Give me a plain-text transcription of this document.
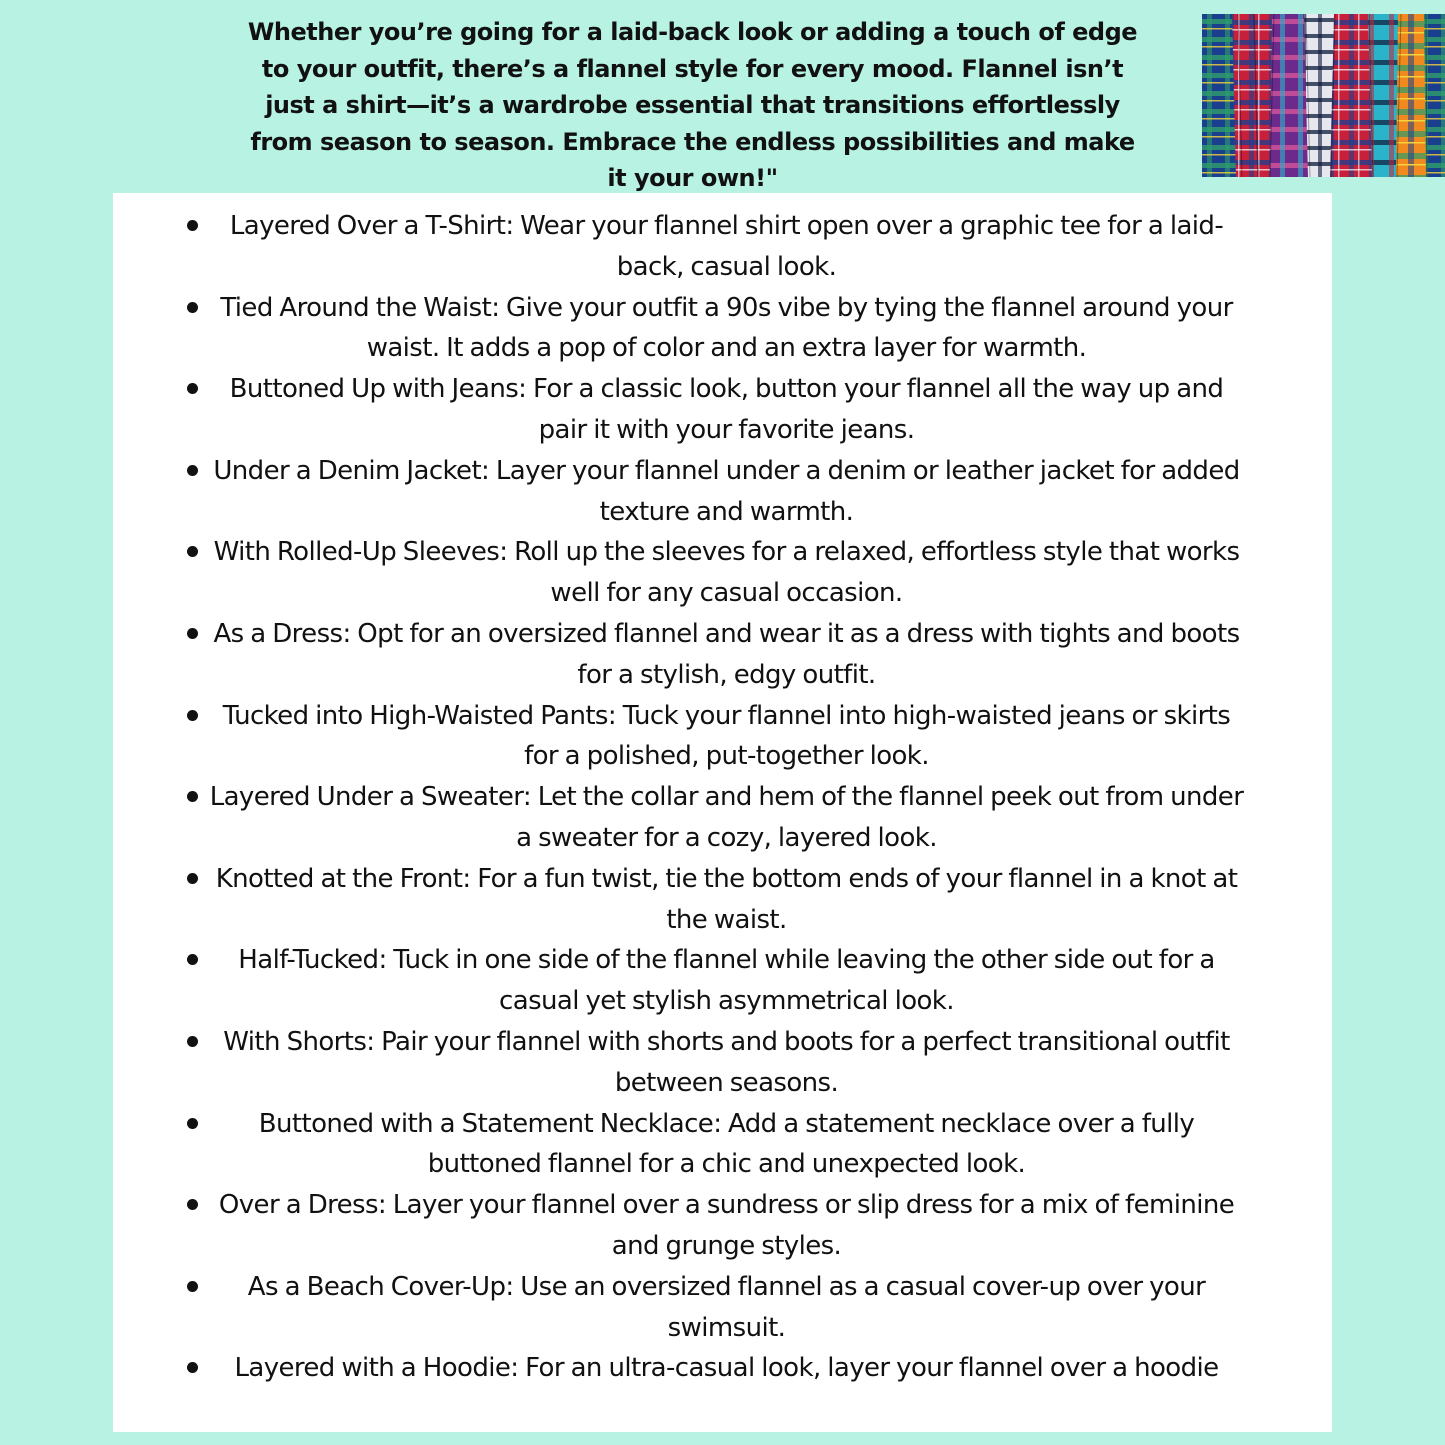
Whether you’re going for a laid-back look or adding a touch of edge to your outfit, there’s a flannel style for every mood. Flannel isn’t just a shirt—it’s a wardrobe essential that transitions effortlessly from season to season. Embrace the endless possibilities and make it your own!"

Layered Over a T-Shirt: Wear your flannel shirt open over a graphic tee for a laid-back, casual look.
Tied Around the Waist: Give your outfit a 90s vibe by tying the flannel around your waist. It adds a pop of color and an extra layer for warmth.
Buttoned Up with Jeans: For a classic look, button your flannel all the way up and pair it with your favorite jeans.
Under a Denim Jacket: Layer your flannel under a denim or leather jacket for added texture and warmth.
With Rolled-Up Sleeves: Roll up the sleeves for a relaxed, effortless style that works well for any casual occasion.
As a Dress: Opt for an oversized flannel and wear it as a dress with tights and boots for a stylish, edgy outfit.
Tucked into High-Waisted Pants: Tuck your flannel into high-waisted jeans or skirts for a polished, put-together look.
Layered Under a Sweater: Let the collar and hem of the flannel peek out from under a sweater for a cozy, layered look.
Knotted at the Front: For a fun twist, tie the bottom ends of your flannel in a knot at the waist.
Half-Tucked: Tuck in one side of the flannel while leaving the other side out for a casual yet stylish asymmetrical look.
With Shorts: Pair your flannel with shorts and boots for a perfect transitional outfit between seasons.
Buttoned with a Statement Necklace: Add a statement necklace over a fully buttoned flannel for a chic and unexpected look.
Over a Dress: Layer your flannel over a sundress or slip dress for a mix of feminine and grunge styles.
As a Beach Cover-Up: Use an oversized flannel as a casual cover-up over your swimsuit.
Layered with a Hoodie: For an ultra-casual look, layer your flannel over a hoodie
